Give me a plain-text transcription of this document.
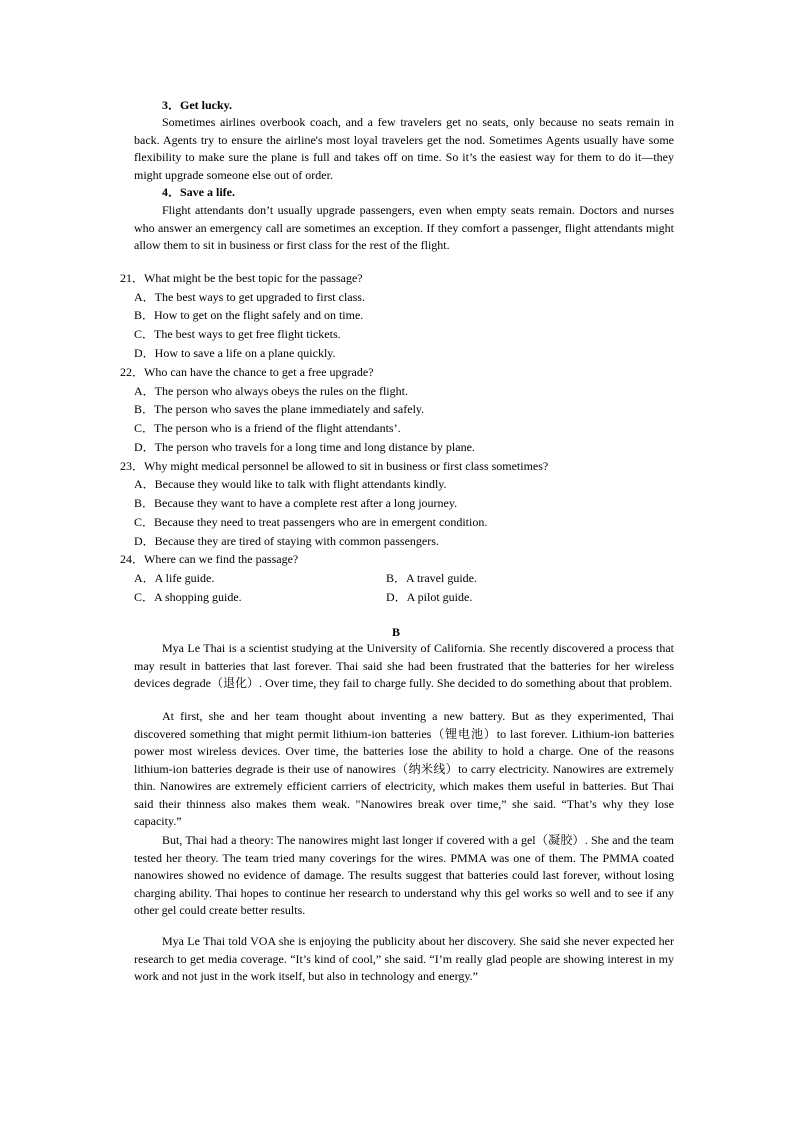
3．Get lucky.
Sometimes airlines overbook coach, and a few travelers get no seats, only because no seats remain in back. Agents try to ensure the airline's most loyal travelers get the nod. Sometimes Agents usually have some flexibility to make sure the plane is full and takes off on time. So it’s the easiest way for them to do it—they might upgrade someone else out of order.
4．Save a life.
Flight attendants don’t usually upgrade passengers, even when empty seats remain. Doctors and nurses who answer an emergency call are sometimes an exception. If they comfort a passenger, flight attendants might allow them to sit in business or first class for the rest of the flight.
21．What might be the best topic for the passage?
A．The best ways to get upgraded to first class.
B．How to get on the flight safely and on time.
C．The best ways to get free flight tickets.
D．How to save a life on a plane quickly.
22．Who can have the chance to get a free upgrade?
A．The person who always obeys the rules on the flight.
B．The person who saves the plane immediately and safely.
C．The person who is a friend of the flight attendants’.
D．The person who travels for a long time and long distance by plane.
23．Why might medical personnel be allowed to sit in business or first class sometimes?
A．Because they would like to talk with flight attendants kindly.
B．Because they want to have a complete rest after a long journey.
C．Because they need to treat passengers who are in emergent condition.
D．Because they are tired of staying with common passengers.
24．Where can we find the passage?
A．A life guide.	B．A travel guide.
C．A shopping guide.	D．A pilot guide.
B
Mya Le Thai is a scientist studying at the University of California. She recently discovered a process that may result in batteries that last forever. Thai said she had been frustrated that the batteries for her wireless devices degrade（退化）. Over time, they fail to charge fully. She decided to do something about that problem.
At first, she and her team thought about inventing a new battery. But as they experimented, Thai discovered something that might permit lithium-ion batteries（锂电池）to last forever. Lithium-ion batteries power most wireless devices. Over time, the batteries lose the ability to hold a charge. One of the reasons lithium-ion batteries degrade is their use of nanowires（纳米线）to carry electricity. Nanowires are extremely thin. Nanowires are extremely efficient carriers of electricity, which makes them useful in batteries. But Thai said their thinness also makes them weak. "Nanowires break over time,” she said. “That’s why they lose capacity.”
But, Thai had a theory: The nanowires might last longer if covered with a gel（凝胶）. She and the team tested her theory. The team tried many coverings for the wires. PMMA was one of them. The PMMA coated nanowires showed no evidence of damage. The results suggest that batteries could last forever, without losing charging ability. Thai hopes to continue her research to understand why this gel works so well and to see if any other gel could create better results.
Mya Le Thai told VOA she is enjoying the publicity about her discovery. She said she never expected her research to get media coverage. “It’s kind of cool,” she said. “I’m really glad people are showing interest in my work and not just in the work itself, but also in technology and energy.”
